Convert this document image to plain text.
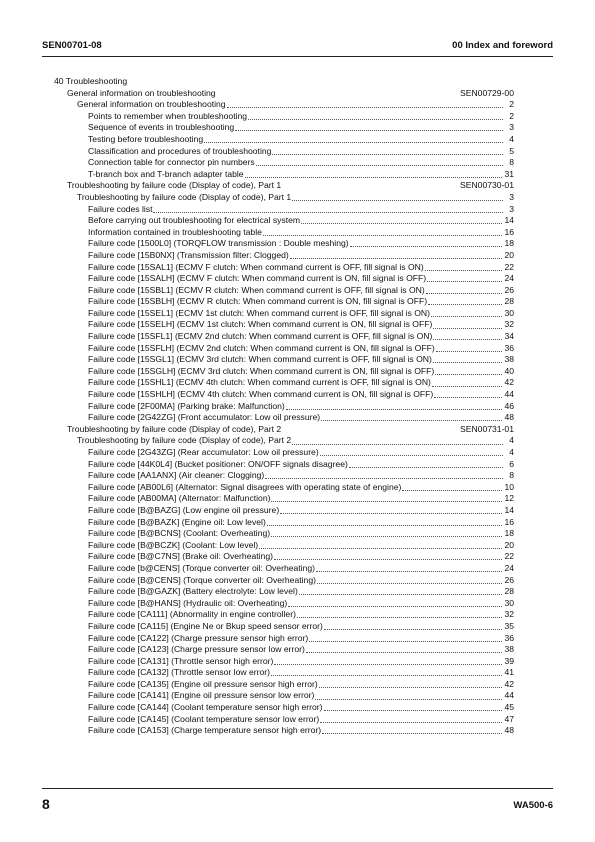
SEN00701-08	00 Index and foreword
40 Troubleshooting
General information on troubleshooting	SEN00729-00
General information on troubleshooting	2
Points to remember when troubleshooting	2
Sequence of events in troubleshooting	3
Testing before troubleshooting	4
Classification and procedures of troubleshooting	5
Connection table for connector pin numbers	8
T-branch box and T-branch adapter table	31
Troubleshooting by failure code (Display of code), Part 1	SEN00730-01
Troubleshooting by failure code (Display of code), Part 1	3
Failure codes list	3
Before carrying out troubleshooting for electrical system	14
Information contained in troubleshooting table	16
Failure code [1500L0] (TORQFLOW transmission : Double meshing)	18
Failure code [15B0NX] (Transmission filter: Clogged)	20
Failure code [15SAL1] (ECMV F clutch: When command current is OFF, fill signal is ON)	22
Failure code [15SALH] (ECMV F clutch: When command current is ON, fill signal is OFF)	24
Failure code [15SBL1] (ECMV R clutch: When command current is OFF, fill signal is ON)	26
Failure code [15SBLH] (ECMV R clutch: When command current is ON, fill signal is OFF)	28
Failure code [15SEL1] (ECMV 1st clutch: When command current is OFF, fill signal is ON)	30
Failure code [15SELH] (ECMV 1st clutch: When command current is ON, fill signal is OFF)	32
Failure code [15SFL1] (ECMV 2nd clutch: When command current is OFF, fill signal is ON)	34
Failure code [15SFLH] (ECMV 2nd clutch: When command current is ON, fill signal is OFF)	36
Failure code [15SGL1] (ECMV 3rd clutch: When command current is OFF, fill signal is ON)	38
Failure code [15SGLH] (ECMV 3rd clutch: When command current is ON, fill signal is OFF)	40
Failure code [15SHL1] (ECMV 4th clutch: When command current is OFF, fill signal is ON)	42
Failure code [15SHLH] (ECMV 4th clutch: When command current is ON, fill signal is OFF)	44
Failure code [2F00MA] (Parking brake: Malfunction)	46
Failure code [2G42ZG] (Front accumulator: Low oil pressure)	48
Troubleshooting by failure code (Display of code), Part 2	SEN00731-01
Troubleshooting by failure code (Display of code), Part 2	4
Failure code [2G43ZG] (Rear accumulator: Low oil pressure)	4
Failure code [44K0L4] (Bucket positioner: ON/OFF signals disagree)	6
Failure code [AA1ANX] (Air cleaner: Clogging)	8
Failure code [AB00L6] (Alternator: Signal disagrees with operating state of engine)	10
Failure code [AB00MA] (Alternator: Malfunction)	12
Failure code [B@BAZG] (Low engine oil pressure)	14
Failure code [B@BAZK] (Engine oil: Low level)	16
Failure code [B@BCNS] (Coolant: Overheating)	18
Failure code [B@BCZK] (Coolant: Low level)	20
Failure code [B@C7NS] (Brake oil: Overheating)	22
Failure code [b@CENS] (Torque converter oil: Overheating)	24
Failure code [B@CENS] (Torque converter oil: Overheating)	26
Failure code [B@GAZK] (Battery electrolyte: Low level)	28
Failure code [B@HANS] (Hydraulic oil: Overheating)	30
Failure code [CA111] (Abnormality in engine controller)	32
Failure code [CA115] (Engine Ne or Bkup speed sensor error)	35
Failure code [CA122] (Charge pressure sensor high error)	36
Failure code [CA123] (Charge pressure sensor low error)	38
Failure code [CA131] (Throttle sensor high error)	39
Failure code [CA132] (Throttle sensor low error)	41
Failure code [CA135] (Engine oil pressure sensor high error)	42
Failure code [CA141] (Engine oil pressure sensor low error)	44
Failure code [CA144] (Coolant temperature sensor high error)	45
Failure code [CA145] (Coolant temperature sensor low error)	47
Failure code [CA153] (Charge temperature sensor high error)	48
8	WA500-6
